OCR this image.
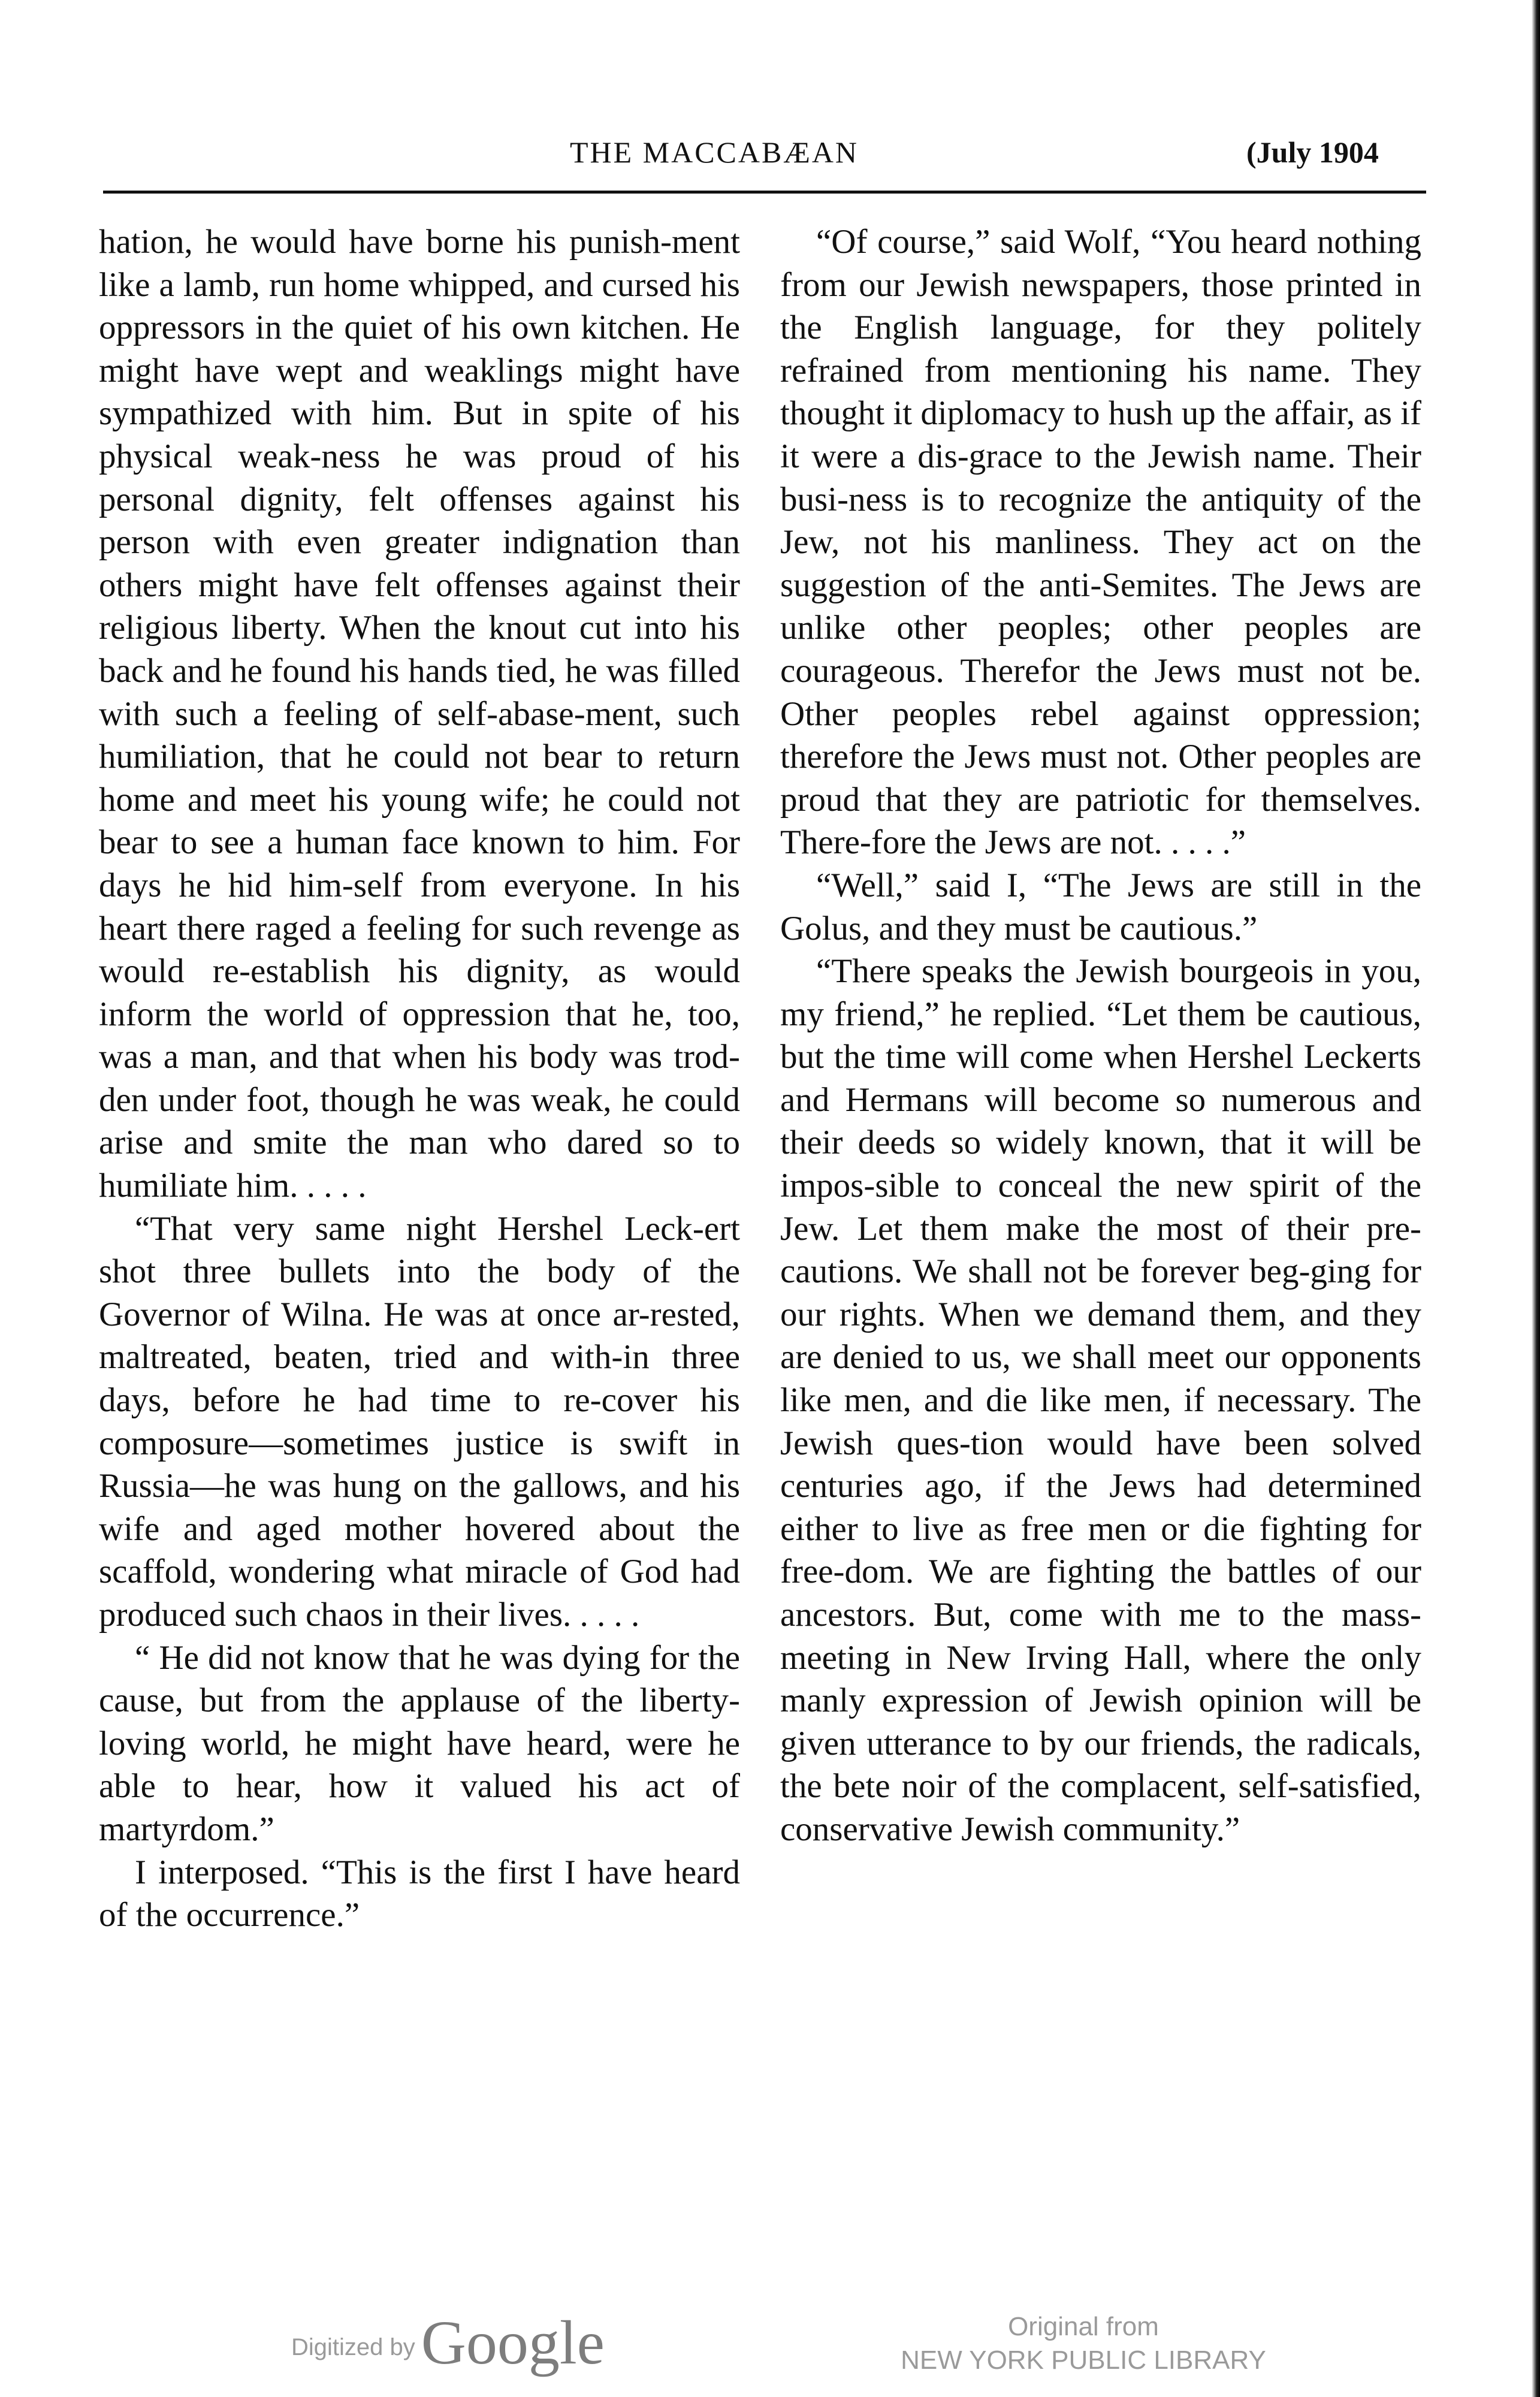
THE MACCABÆAN	(July 1904

hation, he would have borne his punish-ment like a lamb, run home whipped, and cursed his oppressors in the quiet of his own kitchen. He might have wept and weaklings might have sympathized with him. But in spite of his physical weak-ness he was proud of his personal dignity, felt offenses against his person with even greater indignation than others might have felt offenses against their religious liberty. When the knout cut into his back and he found his hands tied, he was filled with such a feeling of self-abase-ment, such humiliation, that he could not bear to return home and meet his young wife; he could not bear to see a human face known to him. For days he hid him-self from everyone. In his heart there raged a feeling for such revenge as would re-establish his dignity, as would inform the world of oppression that he, too, was a man, and that when his body was trod-den under foot, though he was weak, he could arise and smite the man who dared so to humiliate him. . . . .

“That very same night Hershel Leck-ert shot three bullets into the body of the Governor of Wilna. He was at once ar-rested, maltreated, beaten, tried and with-in three days, before he had time to re-cover his composure—sometimes justice is swift in Russia—he was hung on the gallows, and his wife and aged mother hovered about the scaffold, wondering what miracle of God had produced such chaos in their lives. . . . .

“ He did not know that he was dying for the cause, but from the applause of the liberty-loving world, he might have heard, were he able to hear, how it valued his act of martyrdom.”

I interposed. “This is the first I have heard of the occurrence.”

“Of course,” said Wolf, “You heard nothing from our Jewish newspapers, those printed in the English language, for they politely refrained from mentioning his name. They thought it diplomacy to hush up the affair, as if it were a dis-grace to the Jewish name. Their busi-ness is to recognize the antiquity of the Jew, not his manliness. They act on the suggestion of the anti-Semites. The Jews are unlike other peoples; other peoples are courageous. Therefor the Jews must not be. Other peoples rebel against oppression; therefore the Jews must not. Other peoples are proud that they are patriotic for themselves. There-fore the Jews are not. . . . .”

“Well,” said I, “The Jews are still in the Golus, and they must be cautious.”

“There speaks the Jewish bourgeois in you, my friend,” he replied. “Let them be cautious, but the time will come when Hershel Leckerts and Hermans will become so numerous and their deeds so widely known, that it will be impos-sible to conceal the new spirit of the Jew. Let them make the most of their pre-cautions. We shall not be forever beg-ging for our rights. When we demand them, and they are denied to us, we shall meet our opponents like men, and die like men, if necessary. The Jewish ques-tion would have been solved centuries ago, if the Jews had determined either to live as free men or die fighting for free-dom. We are fighting the battles of our ancestors. But, come with me to the mass-meeting in New Irving Hall, where the only manly expression of Jewish opinion will be given utterance to by our friends, the radicals, the bete noir of the complacent, self-satisfied, conservative Jewish community.”

Digitized byGoogle	Original from
NEW YORK PUBLIC LIBRARY
